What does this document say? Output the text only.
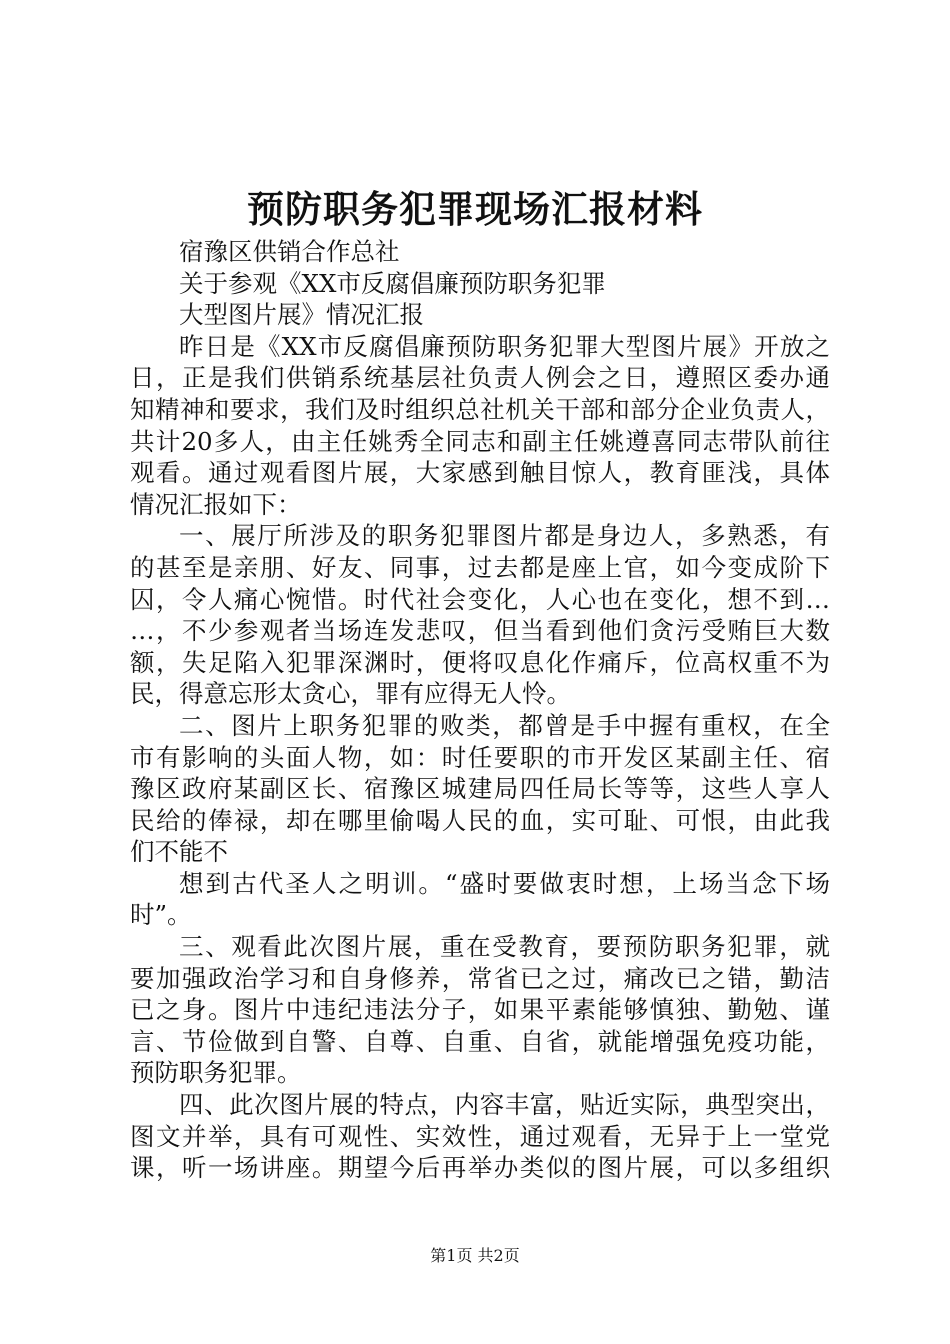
预防职务犯罪现场汇报材料
宿豫区供销合作总社
关于参观《XX市反腐倡廉预防职务犯罪
大型图片展》情况汇报
昨日是《XX市反腐倡廉预防职务犯罪大型图片展》开放之
日，正是我们供销系统基层社负责人例会之日，遵照区委办通
知精神和要求，我们及时组织总社机关干部和部分企业负责人，
共计20多人，由主任姚秀全同志和副主任姚遵喜同志带队前往
观看。通过观看图片展，大家感到触目惊人，教育匪浅，具体
情况汇报如下：
一、展厅所涉及的职务犯罪图片都是身边人，多熟悉，有
的甚至是亲朋、好友、同事，过去都是座上官，如今变成阶下
囚，令人痛心惋惜。时代社会变化，人心也在变化，想不到…
…，不少参观者当场连发悲叹，但当看到他们贪污受贿巨大数
额，失足陷入犯罪深渊时，便将叹息化作痛斥，位高权重不为
民，得意忘形太贪心，罪有应得无人怜。
二、图片上职务犯罪的败类，都曾是手中握有重权，在全
市有影响的头面人物，如：时任要职的市开发区某副主任、宿
豫区政府某副区长、宿豫区城建局四任局长等等，这些人享人
民给的俸禄，却在哪里偷喝人民的血，实可耻、可恨，由此我
们不能不
想到古代圣人之明训。“盛时要做衷时想，上场当念下场
时”。
三、观看此次图片展，重在受教育，要预防职务犯罪，就
要加强政治学习和自身修养，常省已之过，痛改已之错，勤洁
已之身。图片中违纪违法分子，如果平素能够慎独、勤勉、谨
言、节俭做到自警、自尊、自重、自省，就能增强免疫功能，
预防职务犯罪。
四、此次图片展的特点，内容丰富，贴近实际，典型突出，
图文并举，具有可观性、实效性，通过观看，无异于上一堂党
课，听一场讲座。期望今后再举办类似的图片展，可以多组织
第1页 共2页
